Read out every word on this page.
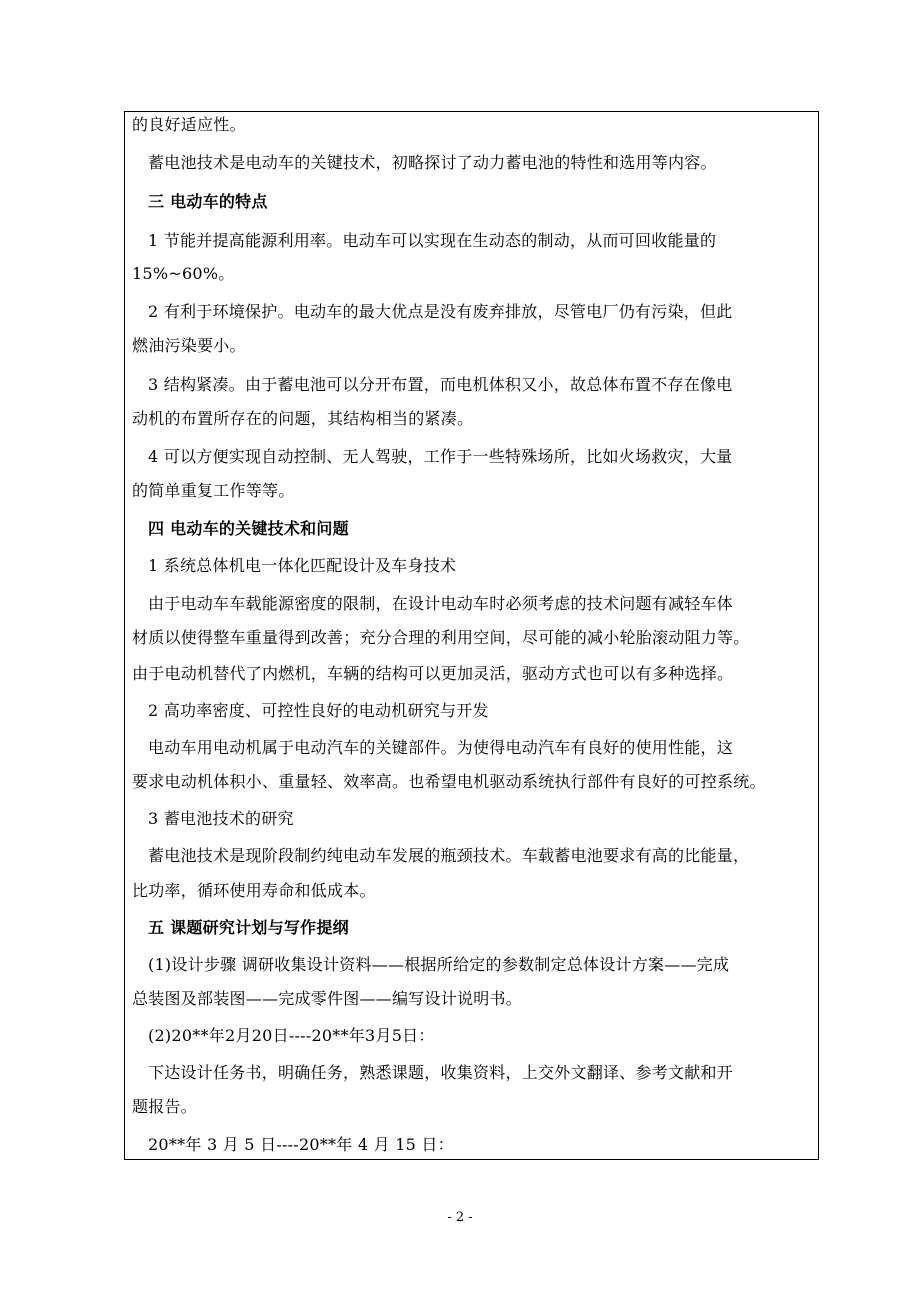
的良好适应性。
蓄电池技术是电动车的关键技术，初略探讨了动力蓄电池的特性和选用等内容。
三 电动车的特点
1 节能并提高能源利用率。电动车可以实现在生动态的制动，从而可回收能量的
15%~60%。
2 有利于环境保护。电动车的最大优点是没有废弃排放，尽管电厂仍有污染，但此
燃油污染要小。
3 结构紧凑。由于蓄电池可以分开布置，而电机体积又小，故总体布置不存在像电
动机的布置所存在的问题，其结构相当的紧凑。
4 可以方便实现自动控制、无人驾驶，工作于一些特殊场所，比如火场救灾，大量
的简单重复工作等等。
四 电动车的关键技术和问题
1 系统总体机电一体化匹配设计及车身技术
由于电动车车载能源密度的限制，在设计电动车时必须考虑的技术问题有减轻车体
材质以使得整车重量得到改善；充分合理的利用空间，尽可能的减小轮胎滚动阻力等。
由于电动机替代了内燃机，车辆的结构可以更加灵活，驱动方式也可以有多种选择。
2 高功率密度、可控性良好的电动机研究与开发
电动车用电动机属于电动汽车的关键部件。为使得电动汽车有良好的使用性能，这
要求电动机体积小、重量轻、效率高。也希望电机驱动系统执行部件有良好的可控系统。
3 蓄电池技术的研究
蓄电池技术是现阶段制约纯电动车发展的瓶颈技术。车载蓄电池要求有高的比能量，
比功率，循环使用寿命和低成本。
五 课题研究计划与写作提纲
(1)设计步骤 调研收集设计资料——根据所给定的参数制定总体设计方案——完成
总装图及部装图——完成零件图——编写设计说明书。
(2)20**年2月20日----20**年3月5日：
下达设计任务书，明确任务，熟悉课题，收集资料，上交外文翻译、参考文献和开
题报告。
20**年 3 月 5 日----20**年 4 月 15 日：
- 2 -
